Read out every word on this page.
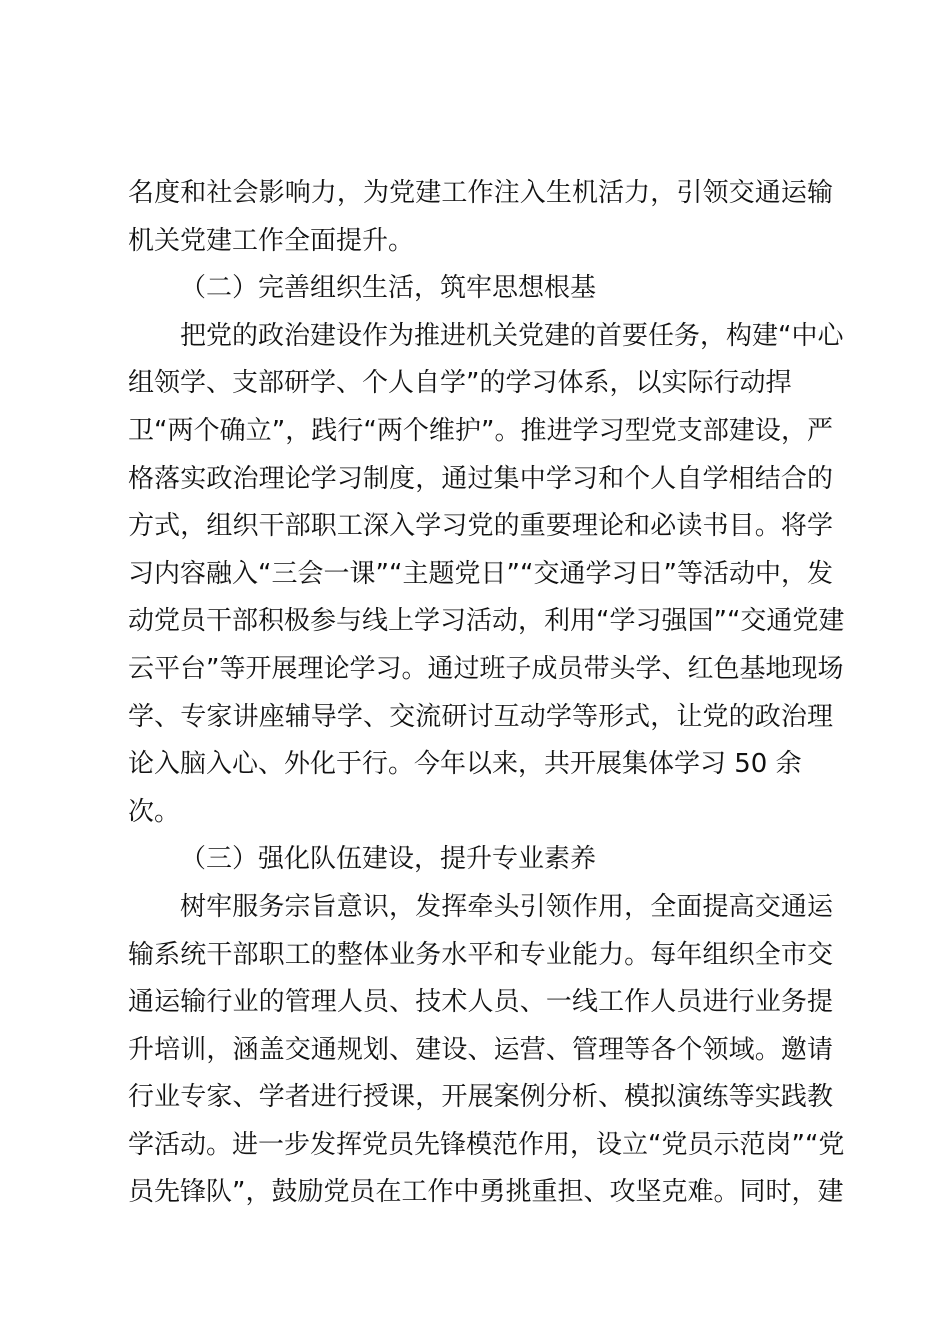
名度和社会影响力，为党建工作注入生机活力，引领交通运输
机关党建工作全面提升。
（二）完善组织生活，筑牢思想根基
把党的政治建设作为推进机关党建的首要任务，构建“中心
组领学、支部研学、个人自学”的学习体系，以实际行动捍
卫“两个确立”，践行“两个维护”。推进学习型党支部建设，严
格落实政治理论学习制度，通过集中学习和个人自学相结合的
方式，组织干部职工深入学习党的重要理论和必读书目。将学
习内容融入“三会一课”“主题党日”“交通学习日”等活动中，发
动党员干部积极参与线上学习活动，利用“学习强国”“交通党建
云平台”等开展理论学习。通过班子成员带头学、红色基地现场
学、专家讲座辅导学、交流研讨互动学等形式，让党的政治理
论入脑入心、外化于行。今年以来，共开展集体学习 50 余
次。
（三）强化队伍建设，提升专业素养
树牢服务宗旨意识，发挥牵头引领作用，全面提高交通运
输系统干部职工的整体业务水平和专业能力。每年组织全市交
通运输行业的管理人员、技术人员、一线工作人员进行业务提
升培训，涵盖交通规划、建设、运营、管理等各个领域。邀请
行业专家、学者进行授课，开展案例分析、模拟演练等实践教
学活动。进一步发挥党员先锋模范作用，设立“党员示范岗”“党
员先锋队”，鼓励党员在工作中勇挑重担、攻坚克难。同时，建
